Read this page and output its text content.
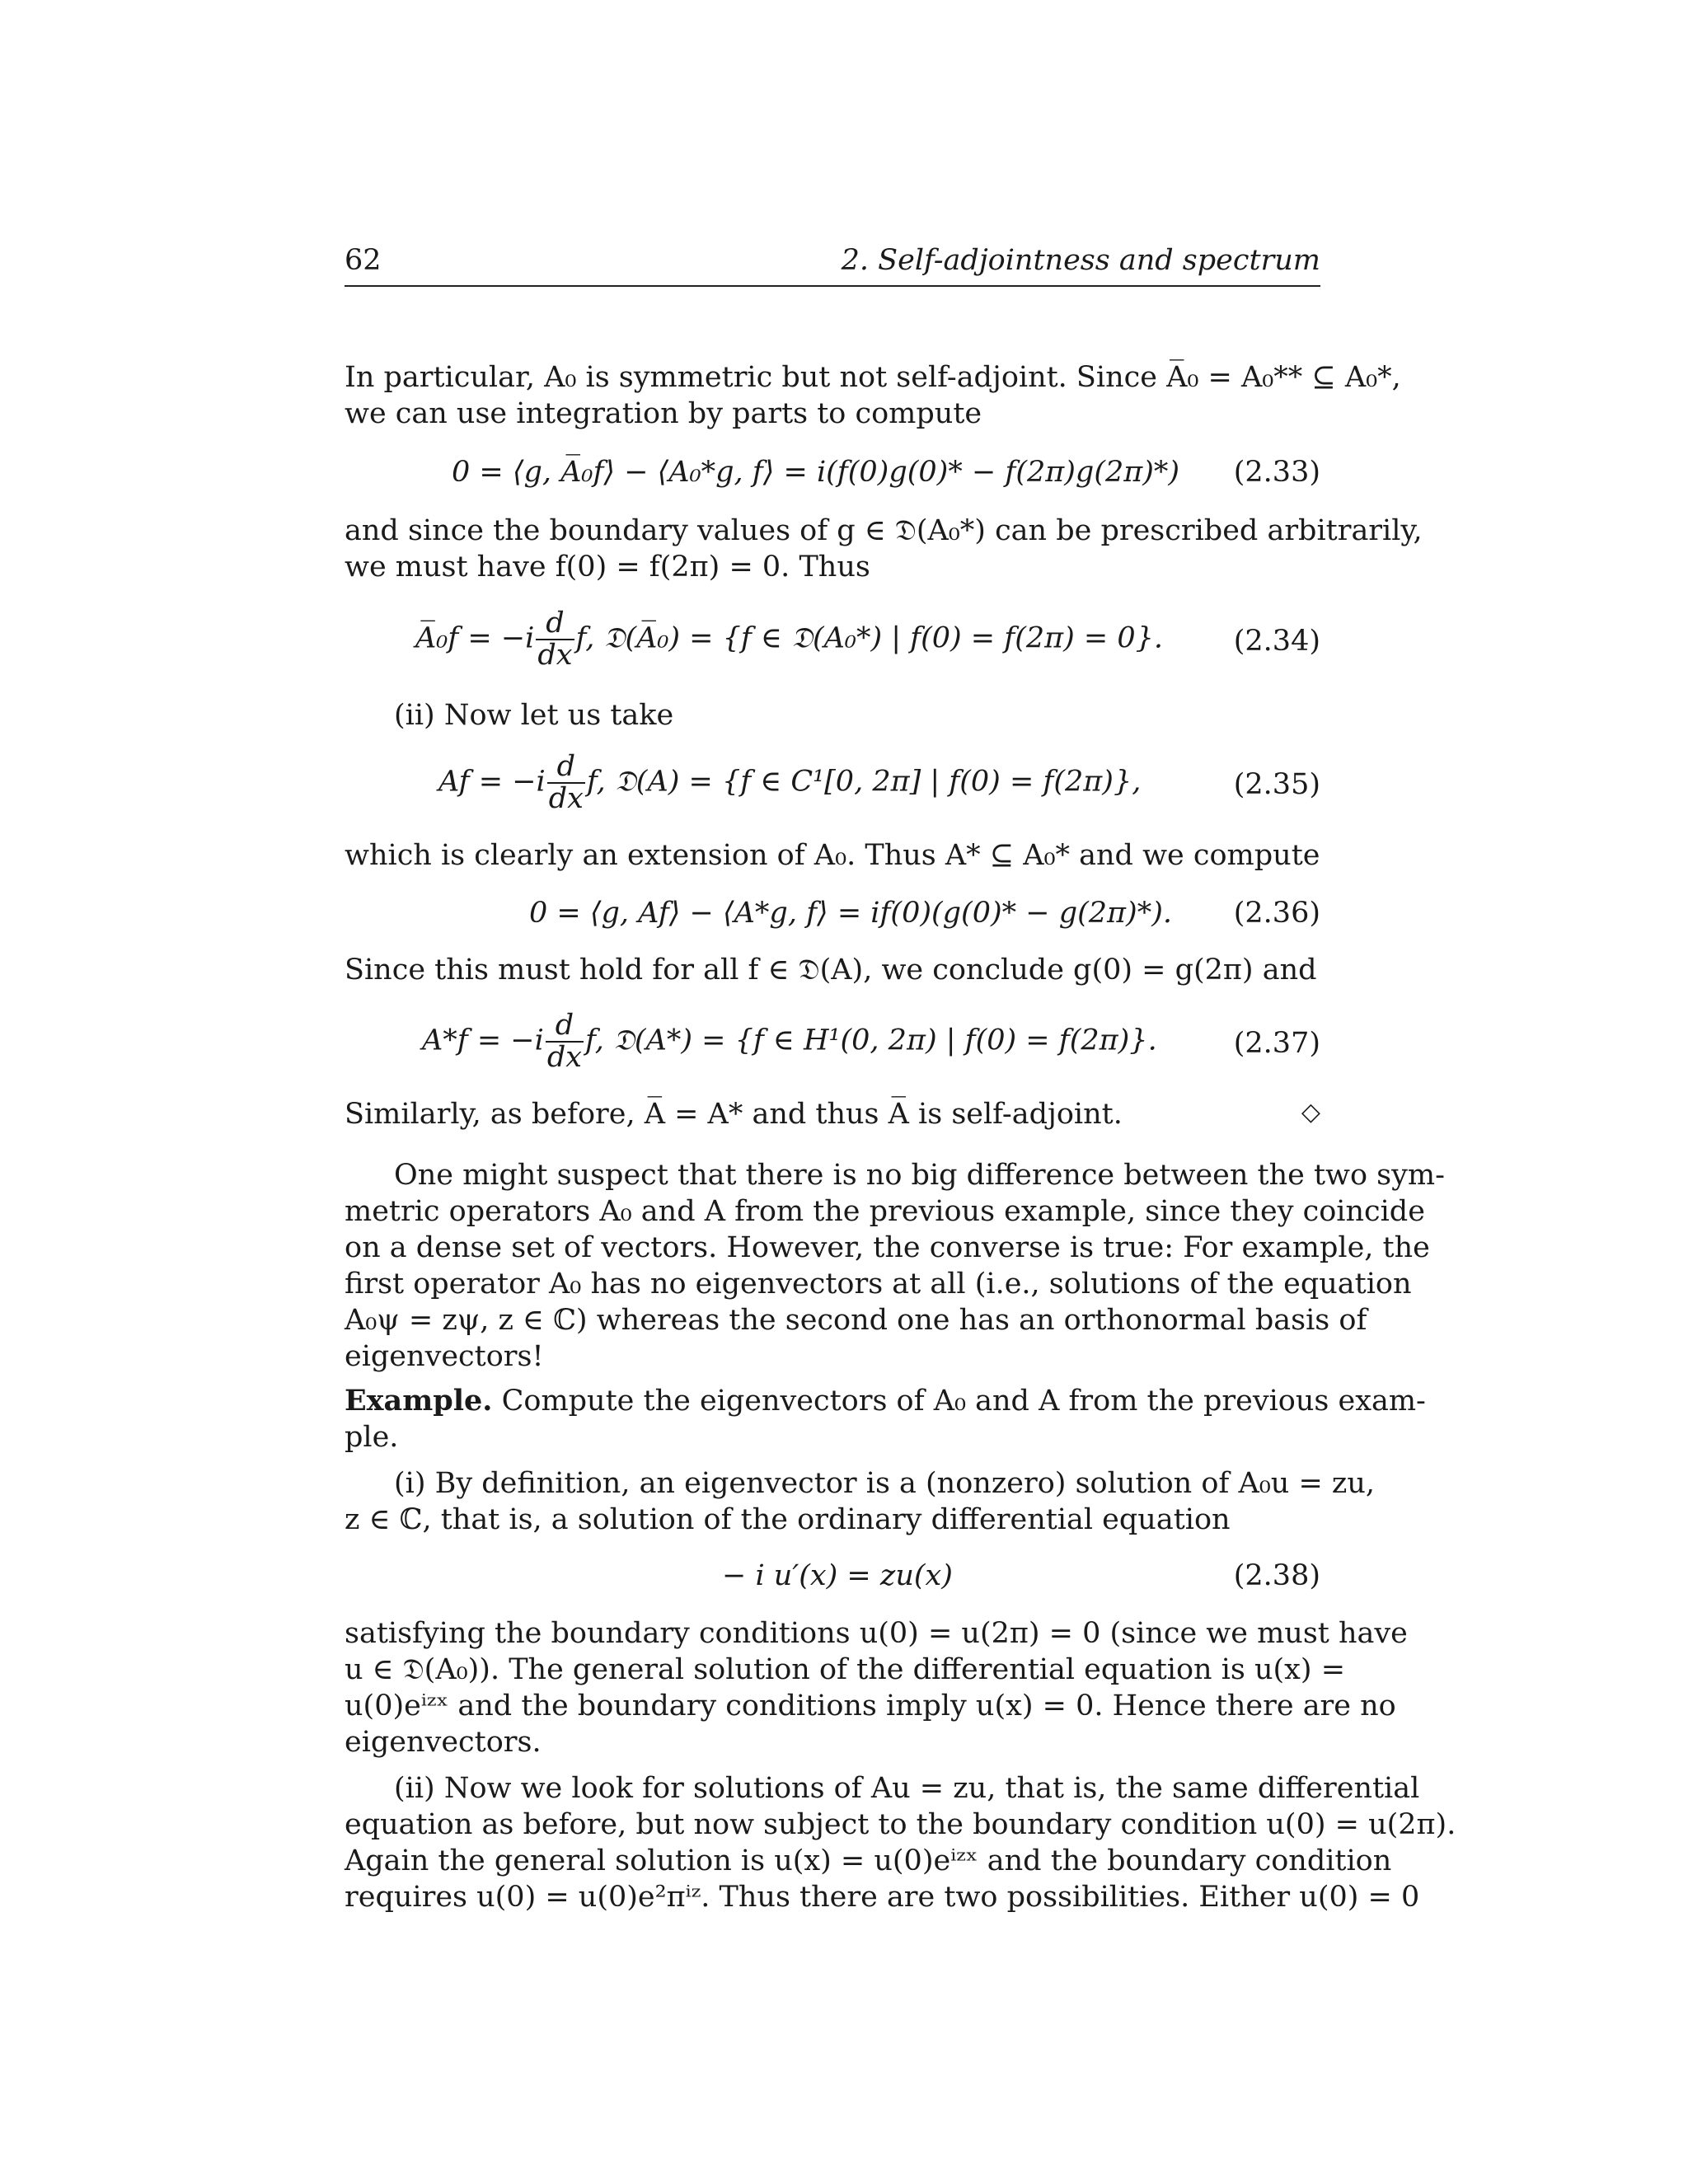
62	2. Self-adjointness and spectrum
In particular, A₀ is symmetric but not self-adjoint. Since A̅₀ = A₀** ⊆ A₀*,
we can use integration by parts to compute
0 = ⟨g, A̅₀f⟩ − ⟨A₀*g, f⟩ = i(f(0)g(0)* − f(2π)g(2π)*) (2.33)
and since the boundary values of g ∈ 𝔇(A₀*) can be prescribed arbitrarily,
we must have f(0) = f(2π) = 0. Thus
A̅₀f = $-i \frac{d}{dx} f$, 𝔇(A̅₀) = {f ∈ 𝔇(A₀*) | f(0) = f(2π) = 0}. (2.34)
(ii) Now let us take
$Af = -i \frac{d}{dx} f$, 𝔇(A) = {f ∈ C¹[0, 2π] | f(0) = f(2π)},	(2.35)
which is clearly an extension of A₀. Thus A* ⊆ A₀* and we compute
0 = ⟨g, Af⟩ − ⟨A*g, f⟩ = if(0)(g(0)* − g(2π)*). (2.36)
Since this must hold for all f ∈ 𝔇(A), we conclude g(0) = g(2π) and
$A*f = -i \frac{d}{dx} f$, 𝔇(A*) = {f ∈ H¹(0, 2π) | f(0) = f(2π)}.	(2.37)
Similarly, as before, A̅ = A* and thus A̅ is self-adjoint.	◇
One might suspect that there is no big difference between the two sym-
metric operators A₀ and A from the previous example, since they coincide
on a dense set of vectors. However, the converse is true: For example, the
first operator A₀ has no eigenvectors at all (i.e., solutions of the equation
A₀ψ = zψ, z ∈ ℂ) whereas the second one has an orthonormal basis of
eigenvectors!
Example. Compute the eigenvectors of A₀ and A from the previous exam-
ple.
(i) By definition, an eigenvector is a (nonzero) solution of A₀u = zu,
z ∈ ℂ, that is, a solution of the ordinary differential equation
− i u′(x) = zu(x)	(2.38)
satisfying the boundary conditions u(0) = u(2π) = 0 (since we must have
u ∈ 𝔇(A₀)). The general solution of the differential equation is u(x) =
u(0)eⁱᶻˣ and the boundary conditions imply u(x) = 0. Hence there are no
eigenvectors.
(ii) Now we look for solutions of Au = zu, that is, the same differential
equation as before, but now subject to the boundary condition u(0) = u(2π).
Again the general solution is u(x) = u(0)eⁱᶻˣ and the boundary condition
requires u(0) = u(0)e²πⁱᶻ. Thus there are two possibilities. Either u(0) = 0
